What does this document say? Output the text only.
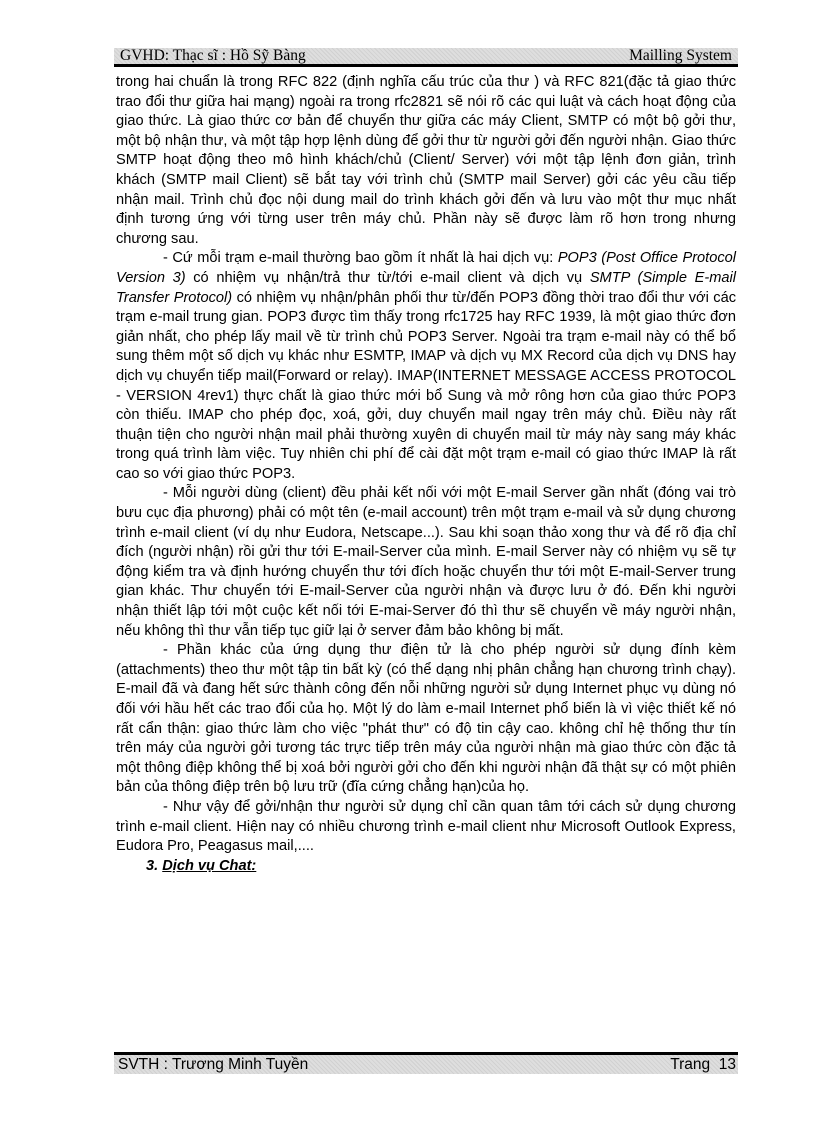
GVHD: Thạc sĩ : Hồ Sỹ Bàng	Mailling System

trong hai chuẩn là trong RFC 822 (định nghĩa cấu trúc của thư ) và RFC 821(đặc tả giao thức trao đổi thư giữa hai mạng) ngoài ra trong rfc2821 sẽ nói rõ các qui luật và cách hoạt động của giao thức. Là giao thức cơ bản để chuyển thư giữa các máy Client, SMTP có một bộ gởi thư, một bộ nhận thư, và một tập hợp lệnh dùng để gởi thư từ người gởi đến người nhận. Giao thức SMTP hoạt động theo mô hình khách/chủ (Client/ Server) với một tập lệnh đơn giản, trình khách (SMTP mail Client) sẽ bắt tay với trình chủ (SMTP mail Server) gởi các yêu cầu tiếp nhận mail. Trình chủ đọc nội dung mail do trình khách gởi đến và lưu vào một thư mục nhất định tương ứng với từng user trên máy chủ. Phần này sẽ được làm rõ hơn trong nhưng chương sau.

- Cứ mỗi trạm e-mail thường bao gồm ít nhất là hai dịch vụ: POP3 (Post Office Protocol Version 3) có nhiệm vụ nhận/trả thư từ/tới e-mail client và dịch vụ SMTP (Simple E-mail Transfer Protocol) có nhiệm vụ nhận/phân phối thư từ/đến POP3 đồng thời trao đổi thư với các trạm e-mail trung gian. POP3 được tìm thấy trong rfc1725 hay RFC 1939, là một giao thức đơn giản nhất, cho phép lấy mail về từ trình chủ POP3 Server. Ngoài tra trạm e-mail này có thể bổ sung thêm một số dịch vụ khác như ESMTP, IMAP và dịch vụ MX Record của dịch vụ DNS hay dịch vụ chuyển tiếp mail(Forward or relay). IMAP(INTERNET MESSAGE ACCESS PROTOCOL - VERSION 4rev1) thực chất là giao thức mới bổ Sung và mở rông hơn của giao thức POP3 còn thiếu. IMAP cho phép đọc, xoá, gởi, duy chuyển mail ngay trên máy chủ. Điều này rất thuận tiện cho người nhận mail phải thường xuyên di chuyển mail từ máy này sang máy khác trong quá trình làm việc. Tuy nhiên chi phí để cài đặt một trạm e-mail có giao thức IMAP là rất cao so với giao thức POP3.

- Mỗi người dùng (client) đều phải kết nối với một E-mail Server gần nhất (đóng vai trò bưu cục địa phương) phải có một tên (e-mail account) trên một trạm e-mail và sử dụng chương trình e-mail client (ví dụ như Eudora, Netscape...). Sau khi soạn thảo xong thư và để rõ địa chỉ đích (người nhận) rồi gửi thư tới E-mail-Server của mình. E-mail Server này có nhiệm vụ sẽ tự động kiểm tra và định hướng chuyển thư tới đích hoặc chuyển thư tới một E-mail-Server trung gian khác. Thư chuyển tới E-mail-Server của người nhận và được lưu ở đó. Đến khi người nhận thiết lập tới một cuộc kết nối tới E-mai-Server đó thì thư sẽ chuyển về máy người nhận, nếu không thì thư vẫn tiếp tục giữ lại ở server đảm bảo không bị mất.

- Phần khác của ứng dụng thư điện tử là cho phép người sử dụng đính kèm (attachments) theo thư một tập tin bất kỳ (có thể dạng nhị phân chẳng hạn chương trình chạy). E-mail đã và đang hết sức thành công đến nỗi những người sử dụng Internet phục vụ dùng nó đối với hầu hết các trao đổi của họ. Một lý do làm e-mail Internet phổ biến là vì việc thiết kế nó rất cẩn thận: giao thức làm cho việc "phát thư" có độ tin cậy cao. không chỉ hệ thống thư tín trên máy của người gởi tương tác trực tiếp trên máy của người nhận mà giao thức còn đặc tả một thông điệp không thể bị xoá bởi người gởi cho đến khi người nhận đã thật sự có một phiên bản của thông điệp trên bộ lưu trữ (đĩa cứng chẳng hạn)của họ.

- Như vậy để gởi/nhận thư người sử dụng chỉ cần quan tâm tới cách sử dụng chương trình e-mail client. Hiện nay có nhiều chương trình e-mail client như Microsoft Outlook Express, Eudora Pro, Peagasus mail,....

3. Dịch vụ Chat:

SVTH : Trương Minh Tuyền	Trang  13
